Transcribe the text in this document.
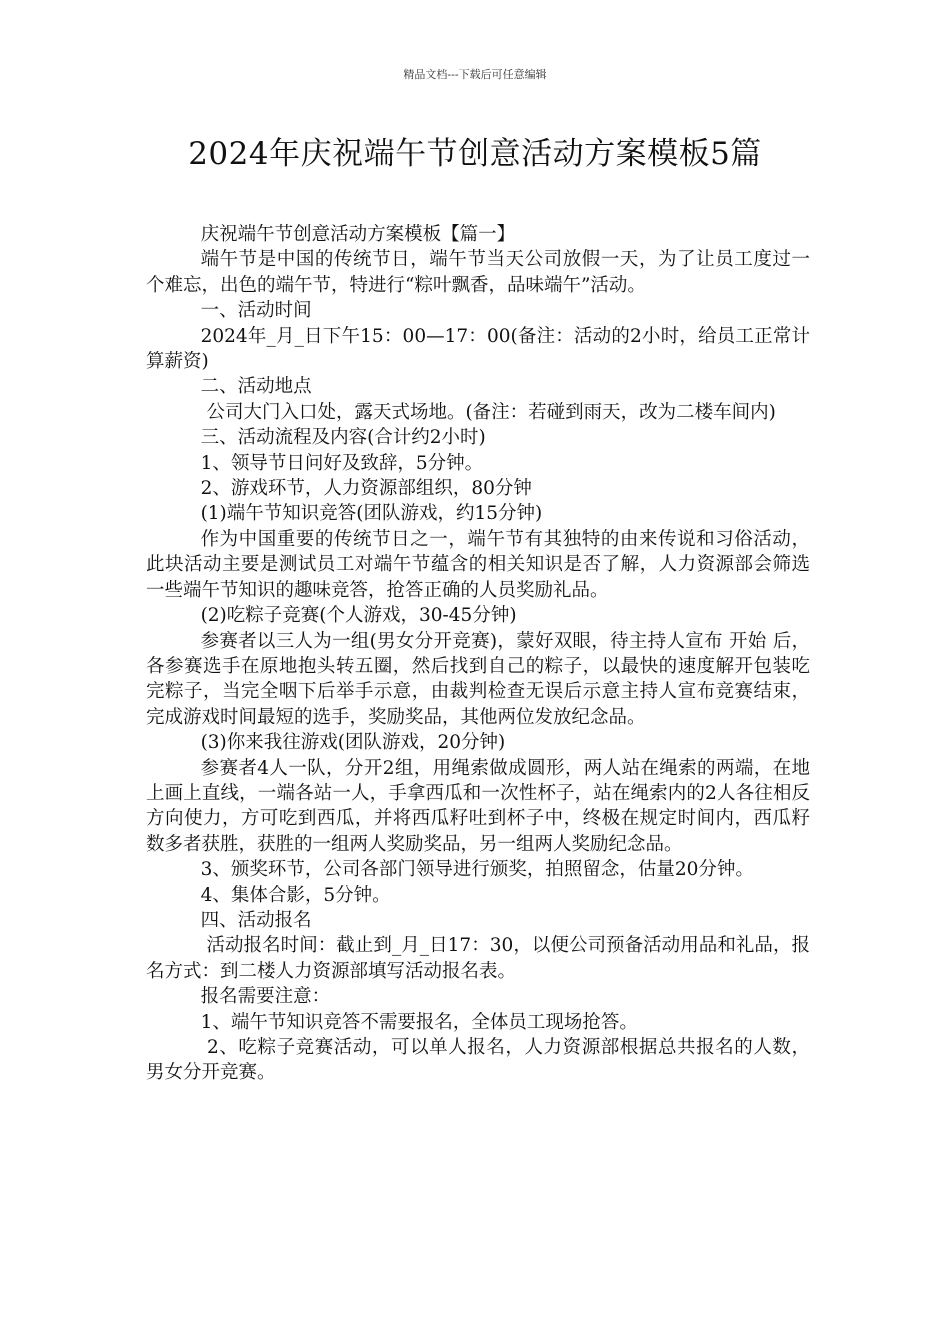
精品文档---下载后可任意编辑
2024年庆祝端午节创意活动方案模板5篇

庆祝端午节创意活动方案模板【篇一】

端午节是中国的传统节日，端午节当天公司放假一天，为了让员工度过一个难忘，出色的端午节，特进行“粽叶飘香，品味端午”活动。

一、活动时间

2024年_月_日下午15：00—17：00(备注：活动的2小时，给员工正常计算薪资)

二、活动地点

公司大门入口处，露天式场地。(备注：若碰到雨天，改为二楼车间内)

三、活动流程及内容(合计约2小时)

1、领导节日问好及致辞，5分钟。

2、游戏环节，人力资源部组织，80分钟

(1)端午节知识竞答(团队游戏，约15分钟)

作为中国重要的传统节日之一，端午节有其独特的由来传说和习俗活动，此块活动主要是测试员工对端午节蕴含的相关知识是否了解，人力资源部会筛选一些端午节知识的趣味竞答，抢答正确的人员奖励礼品。

(2)吃粽子竞赛(个人游戏，30-45分钟)

参赛者以三人为一组(男女分开竞赛)，蒙好双眼，待主持人宣布 开始 后，各参赛选手在原地抱头转五圈，然后找到自己的粽子，以最快的速度解开包装吃完粽子，当完全咽下后举手示意，由裁判检查无误后示意主持人宣布竞赛结束，完成游戏时间最短的选手，奖励奖品，其他两位发放纪念品。

(3)你来我往游戏(团队游戏，20分钟)

参赛者4人一队，分开2组，用绳索做成圆形，两人站在绳索的两端，在地上画上直线，一端各站一人，手拿西瓜和一次性杯子，站在绳索内的2人各往相反方向使力，方可吃到西瓜，并将西瓜籽吐到杯子中，终极在规定时间内，西瓜籽数多者获胜，获胜的一组两人奖励奖品，另一组两人奖励纪念品。

3、颁奖环节，公司各部门领导进行颁奖，拍照留念，估量20分钟。

4、集体合影，5分钟。

四、活动报名

活动报名时间：截止到_月_日17：30，以便公司预备活动用品和礼品，报名方式：到二楼人力资源部填写活动报名表。

报名需要注意：

1、端午节知识竞答不需要报名，全体员工现场抢答。

2、吃粽子竞赛活动，可以单人报名，人力资源部根据总共报名的人数，男女分开竞赛。
